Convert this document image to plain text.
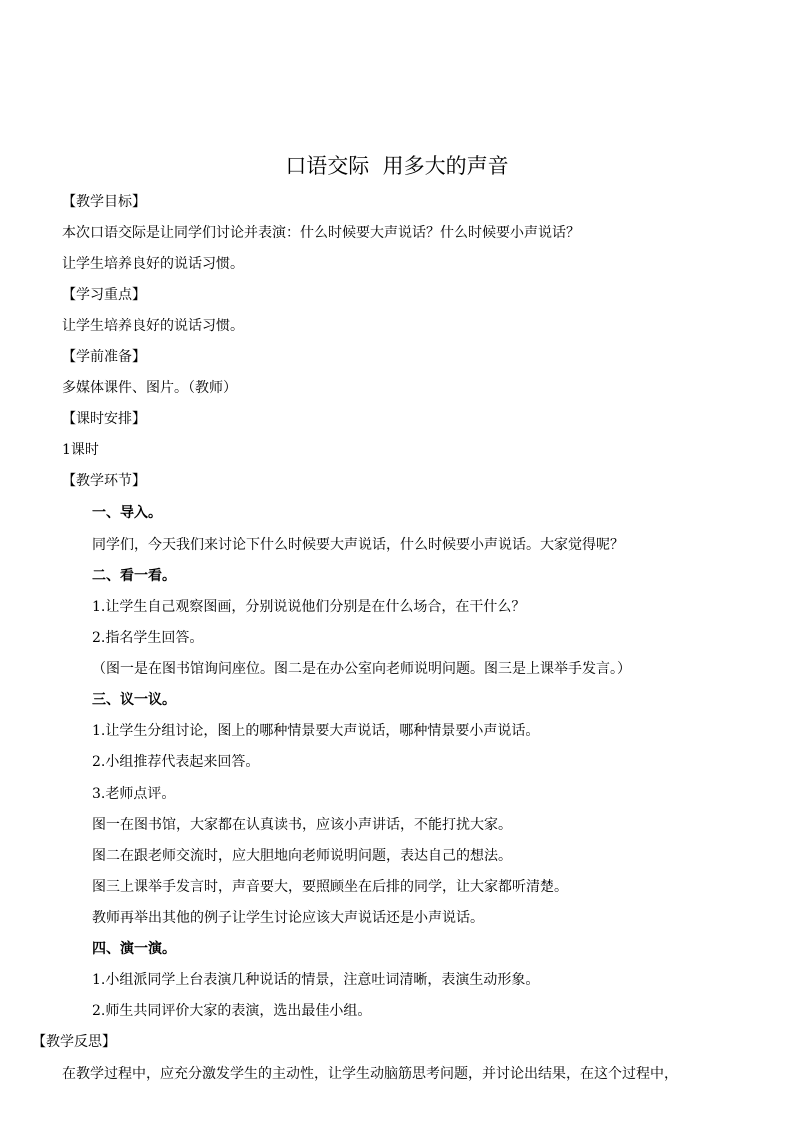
口语交际  用多大的声音
【教学目标】
本次口语交际是让同学们讨论并表演：什么时候要大声说话？什么时候要小声说话？
让学生培养良好的说话习惯。
【学习重点】
让学生培养良好的说话习惯。
【学前准备】
多媒体课件、图片。（教师）
【课时安排】
1课时
【教学环节】
一、导入。
同学们，今天我们来讨论下什么时候要大声说话，什么时候要小声说话。大家觉得呢？
二、看一看。
1.让学生自己观察图画，分别说说他们分别是在什么场合，在干什么？
2.指名学生回答。
（图一是在图书馆询问座位。图二是在办公室向老师说明问题。图三是上课举手发言。）
三、议一议。
1.让学生分组讨论，图上的哪种情景要大声说话，哪种情景要小声说话。
2.小组推荐代表起来回答。
3.老师点评。
图一在图书馆，大家都在认真读书，应该小声讲话，不能打扰大家。
图二在跟老师交流时，应大胆地向老师说明问题，表达自己的想法。
图三上课举手发言时，声音要大，要照顾坐在后排的同学，让大家都听清楚。
教师再举出其他的例子让学生讨论应该大声说话还是小声说话。
四、演一演。
1.小组派同学上台表演几种说话的情景，注意吐词清晰，表演生动形象。
2.师生共同评价大家的表演，选出最佳小组。
【教学反思】
在教学过程中，应充分激发学生的主动性，让学生动脑筋思考问题，并讨论出结果，在这个过程中，
